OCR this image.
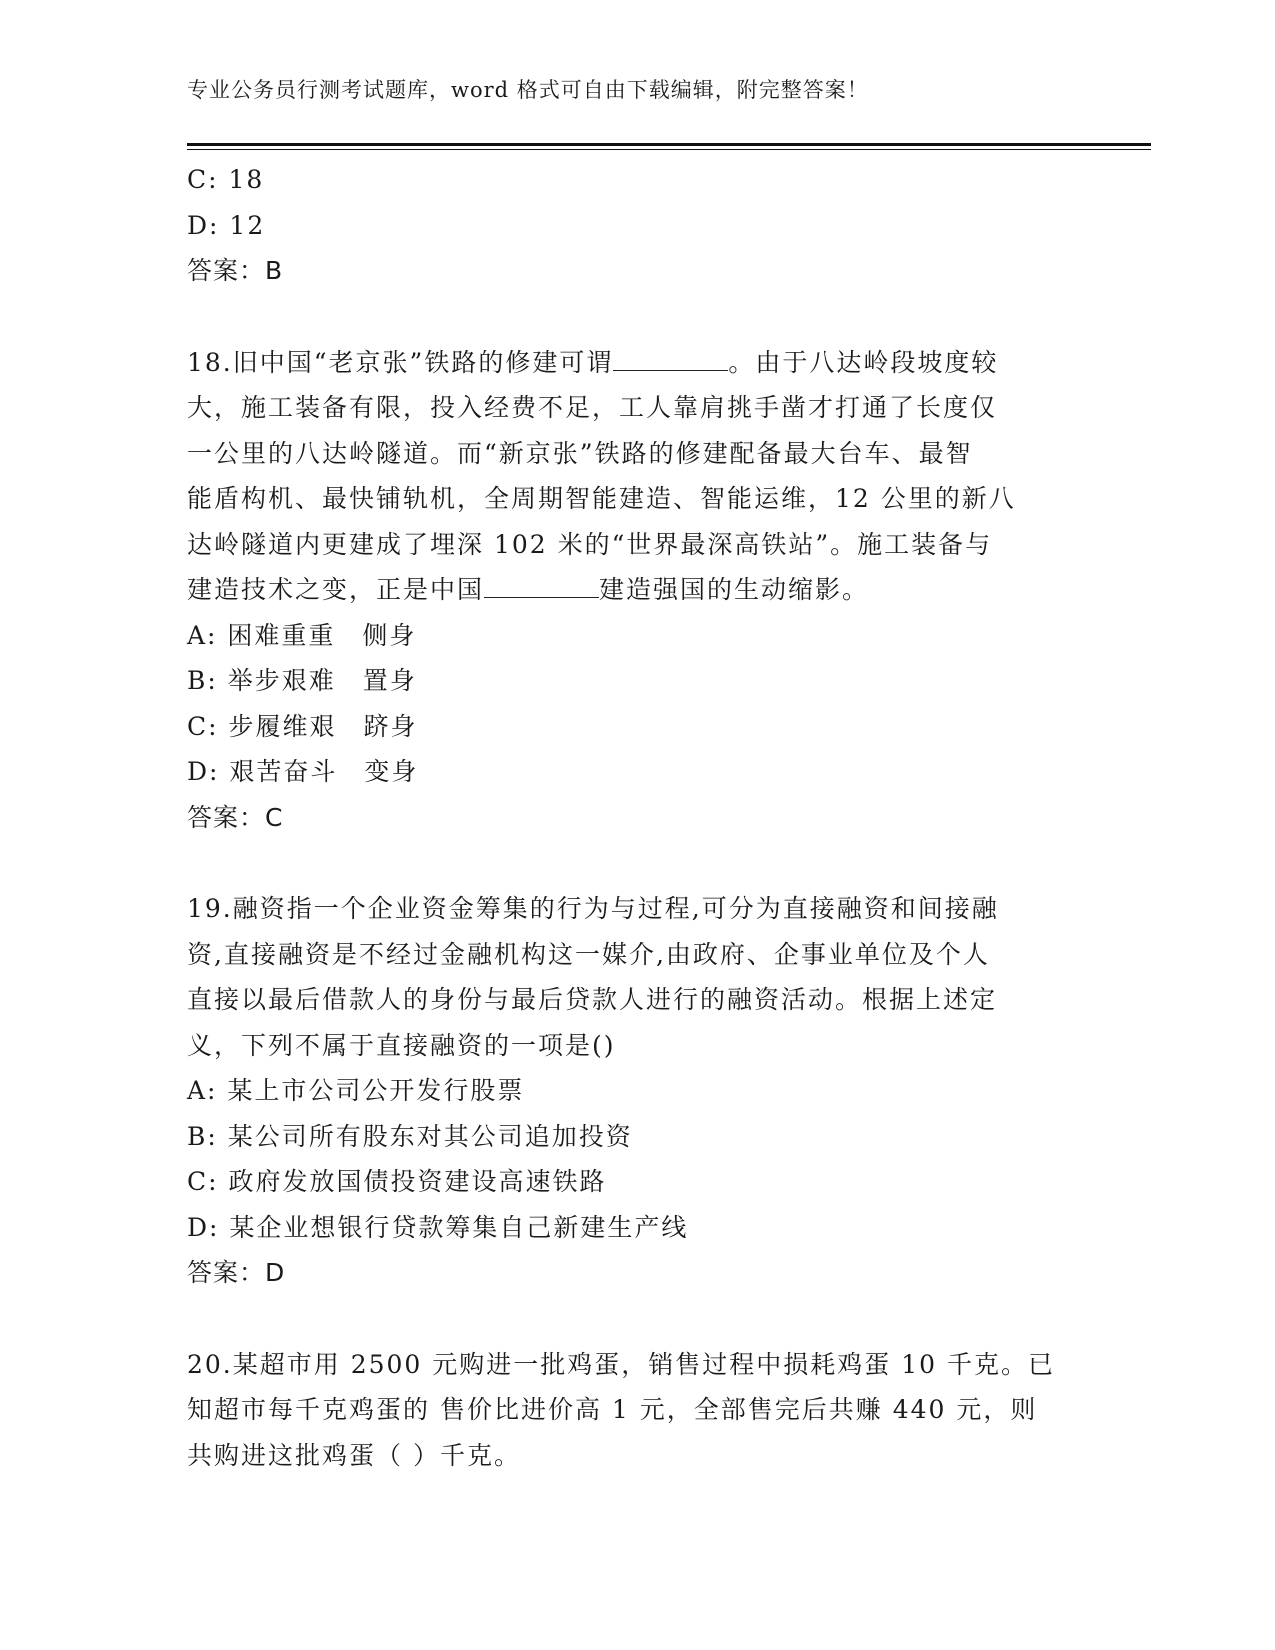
专业公务员行测考试题库，word 格式可自由下载编辑，附完整答案！
C: 18
D: 12
答案：B
18.旧中国“老京张”铁路的修建可谓	。由于八达岭段坡度较
大，施工装备有限，投入经费不足，工人靠肩挑手凿才打通了长度仅
一公里的八达岭隧道。而“新京张”铁路的修建配备最大台车、最智
能盾构机、最快铺轨机，全周期智能建造、智能运维，12 公里的新八
达岭隧道内更建成了埋深 102 米的“世界最深高铁站”。施工装备与
建造技术之变，正是中国	建造强国的生动缩影。
A: 困难重重　侧身
B: 举步艰难　置身
C: 步履维艰　跻身
D: 艰苦奋斗　变身
答案：C
19.融资指一个企业资金筹集的行为与过程,可分为直接融资和间接融
资,直接融资是不经过金融机构这一媒介,由政府、企事业单位及个人
直接以最后借款人的身份与最后贷款人进行的融资活动。根据上述定
义，下列不属于直接融资的一项是()
A: 某上市公司公开发行股票
B: 某公司所有股东对其公司追加投资
C: 政府发放国债投资建设高速铁路
D: 某企业想银行贷款筹集自己新建生产线
答案：D
20.某超市用 2500 元购进一批鸡蛋，销售过程中损耗鸡蛋 10 千克。已
知超市每千克鸡蛋的 售价比进价高 1 元，全部售完后共赚 440 元，则
共购进这批鸡蛋（ ）千克。
